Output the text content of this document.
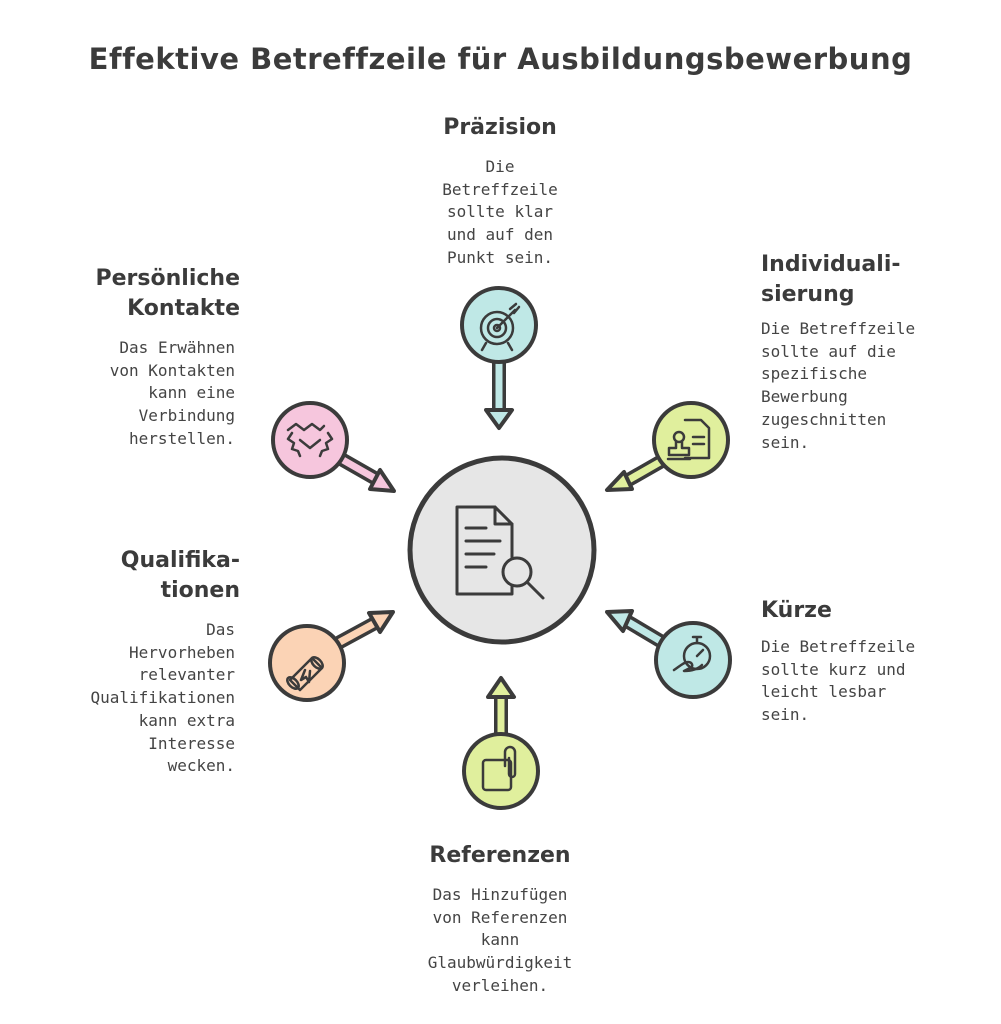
Effektive Betreffzeile für Ausbildungsbewerbung
Präzision
Die
Betreffzeile
sollte klar
und auf den
Punkt sein.	Individuali-
sierung
Die Betreffzeile
sollte auf die
spezifische
Bewerbung
zugeschnitten
sein.
Kürze
Die Betreffzeile
sollte kurz und
leicht lesbar
sein.
Referenzen
Das Hinzufügen
von Referenzen
kann
Glaubwürdigkeit
verleihen.
Qualifika-
tionen
Das
Hervorheben
relevanter
Qualifikationen
kann extra
Interesse
wecken.
Persönliche
Kontakte
Das Erwähnen
von Kontakten
kann eine
Verbindung
herstellen.
